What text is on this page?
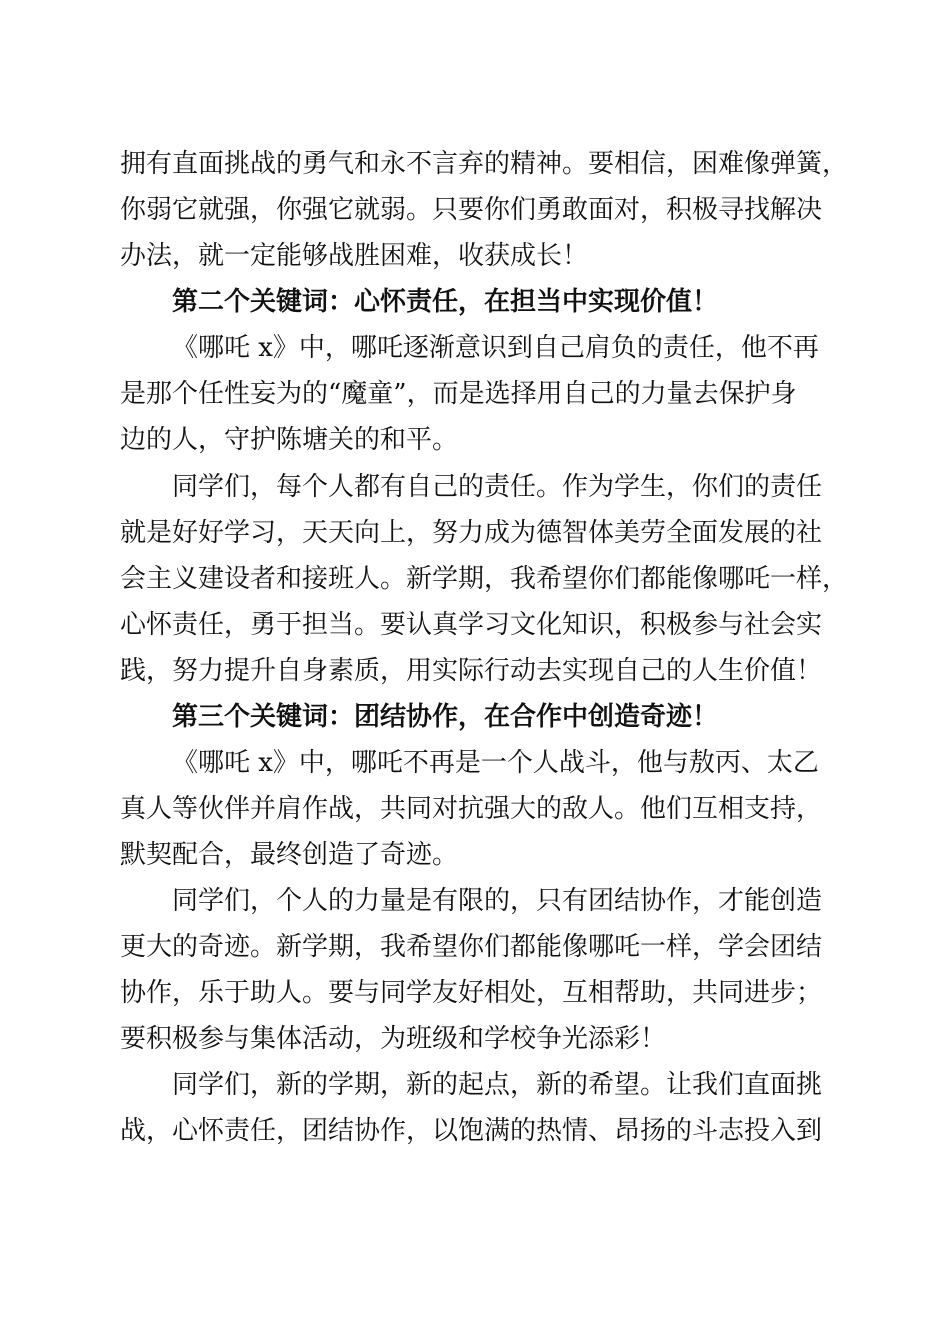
拥有直面挑战的勇气和永不言弃的精神。要相信，困难像弹簧，
你弱它就强，你强它就弱。只要你们勇敢面对，积极寻找解决
办法，就一定能够战胜困难，收获成长！
第二个关键词：心怀责任，在担当中实现价值！
《哪吒 x》中，哪吒逐渐意识到自己肩负的责任，他不再
是那个任性妄为的“魔童”，而是选择用自己的力量去保护身
边的人，守护陈塘关的和平。
同学们，每个人都有自己的责任。作为学生，你们的责任
就是好好学习，天天向上，努力成为德智体美劳全面发展的社
会主义建设者和接班人。新学期，我希望你们都能像哪吒一样，
心怀责任，勇于担当。要认真学习文化知识，积极参与社会实
践，努力提升自身素质，用实际行动去实现自己的人生价值！
第三个关键词：团结协作，在合作中创造奇迹！
《哪吒 x》中，哪吒不再是一个人战斗，他与敖丙、太乙
真人等伙伴并肩作战，共同对抗强大的敌人。他们互相支持，
默契配合，最终创造了奇迹。
同学们，个人的力量是有限的，只有团结协作，才能创造
更大的奇迹。新学期，我希望你们都能像哪吒一样，学会团结
协作，乐于助人。要与同学友好相处，互相帮助，共同进步；
要积极参与集体活动，为班级和学校争光添彩！
同学们，新的学期，新的起点，新的希望。让我们直面挑
战，心怀责任，团结协作，以饱满的热情、昂扬的斗志投入到
